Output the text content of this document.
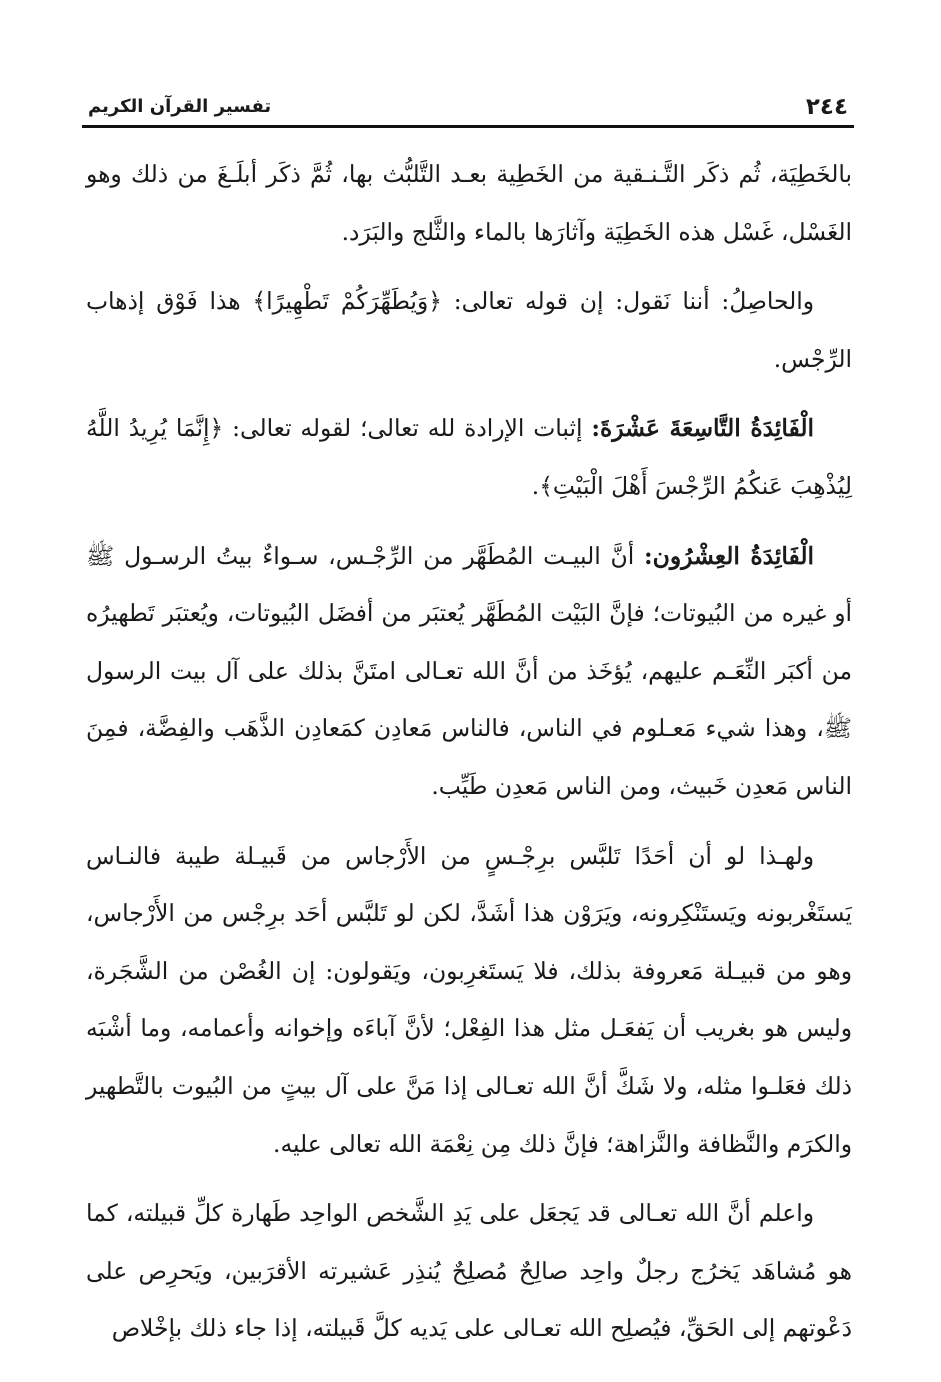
٢٤٤
تفسير القرآن الكريم

بالخَطِيَة، ثُم ذكَر التَّـنـقية من الخَطِية بعـد التَّلبُّث بها، ثُمَّ ذكَر أبلَـغَ من ذلك وهو الغَسْل، غَسْل هذه الخَطِيَة وآثارَها بالماء والثَّلج والبَرَد.

والحاصِلُ: أننا نَقول: إن قوله تعالى: ﴿وَيُطَهِّرَكُمْ تَطْهِيرًا﴾ هذا فَوْق إذهاب الرِّجْس.

الْفَائِدَةُ التَّاسِعَةَ عَشْرَةَ: إثبات الإرادة لله تعالى؛ لقوله تعالى: ﴿إِنَّمَا يُرِيدُ اللَّهُ لِيُذْهِبَ عَنكُمُ الرِّجْسَ أَهْلَ الْبَيْتِ﴾.

الْفَائِدَةُ العِشْرُون: أنَّ البيـت المُطَهَّر من الرِّجْـس، سـواءٌ بيتُ الرسـول ﷺ أو غيره من البُيوتات؛ فإنَّ البَيْت المُطَهَّر يُعتبَر من أفضَل البُيوتات، ويُعتبَر تَطهيرُه من أكبَر النِّعَـم عليهم، يُؤخَذ من أنَّ الله تعـالى امتَنَّ بذلك على آل بيت الرسول ﷺ، وهذا شيء مَعـلوم في الناس، فالناس مَعادِن كمَعادِن الذَّهَب والفِضَّة، فمِنَ الناس مَعدِن خَبيث، ومن الناس مَعدِن طَيِّب.

ولهـذا لو أن أحَدًا تَلبَّس برِجْـسٍ من الأَرْجاس من قَبيـلة طيبة فالنـاس يَستَغْربونه ويَستَنْكِرونه، ويَرَوْن هذا أشَدَّ، لكن لو تَلبَّس أحَد برِجْس من الأَرْجاس، وهو من قبيـلة مَعروفة بذلك، فلا يَستَغرِبون، ويَقولون: إن الغُصْن من الشَّجَرة، وليس هو بغريب أن يَفعَـل مثل هذا الفِعْل؛ لأنَّ آباءَه وإخوانه وأعمامه، وما أشْبَه ذلك فعَلـوا مثله، ولا شَكَّ أنَّ الله تعـالى إذا مَنَّ على آل بيتٍ من البُيوت بالتَّطهير والكرَم والنَّظافة والنَّزاهة؛ فإنَّ ذلك مِن نِعْمَة الله تعالى عليه.

واعلم أنَّ الله تعـالى قد يَجعَل على يَدِ الشَّخص الواحِد طَهارة كلِّ قبيلته، كما هو مُشاهَد يَخرُج رجلٌ واحِد صالِحٌ مُصلِحٌ يُنذِر عَشيرته الأقرَبين، ويَحرِص على دَعْوتهم إلى الحَقِّ، فيُصلِح الله تعـالى على يَديه كلَّ قَبيلته، إذا جاء ذلك بإخْلاص
